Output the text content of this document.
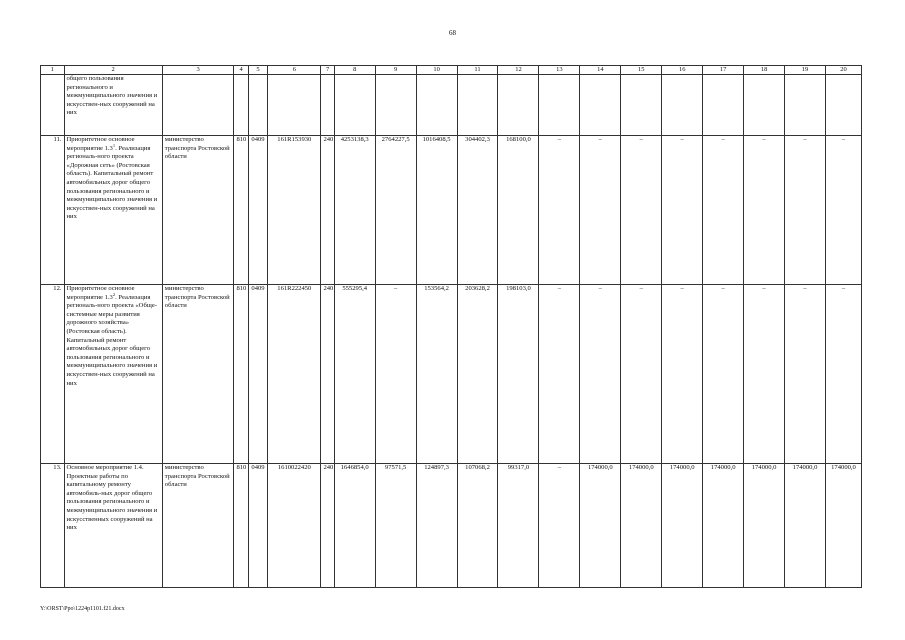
68
1	2	3	4	5	6	7	8	9	10	11	12	13	14	15	16	17	18	19	20
	общего пользования регионального и межмуниципального значения и искусствен-ных сооружений на них																		
11.	Приоритетное основное мероприятие $1.3^1$. Реализация региональ-ного проекта «Дорожная сеть» (Ростовская область). Капитальный ремонт автомобильных дорог общего пользования регионального и межмуниципального значения и искусствен-ных сооружений на них	министерство транспорта Ростовской области	810	0409	161R153930	240	4253138,3	2764227,5	1016408,5	304402,3	168100,0	–	–	–	–	–	–	–	–
12.	Приоритетное основное мероприятие $1.3^2$. Реализация региональ-ного проекта «Обще-системные меры развития дорожного хозяйства» (Ростовская область). Капитальный ремонт автомобильных дорог общего пользования регионального и межмуниципального значения и искусствен-ных сооружений на них	министерство транспорта Ростовской области	810	0409	161R222450	240	555295,4	–	153564,2	203628,2	198103,0	–	–	–	–	–	–	–	–
13.	Основное мероприятие 1.4. Проектные работы по капитальному ремонту автомобиль-ных дорог общего пользования регионального и межмуниципального значения и искусственных сооружений на них	министерство транспорта Ростовской области	810	0409	1610022420	240	1646854,0	97571,5	124897,3	107068,2	99317,0	–	174000,0	174000,0	174000,0	174000,0	174000,0	174000,0	174000,0
Y:\ORST\Ppo\1224p1101.f21.docx
